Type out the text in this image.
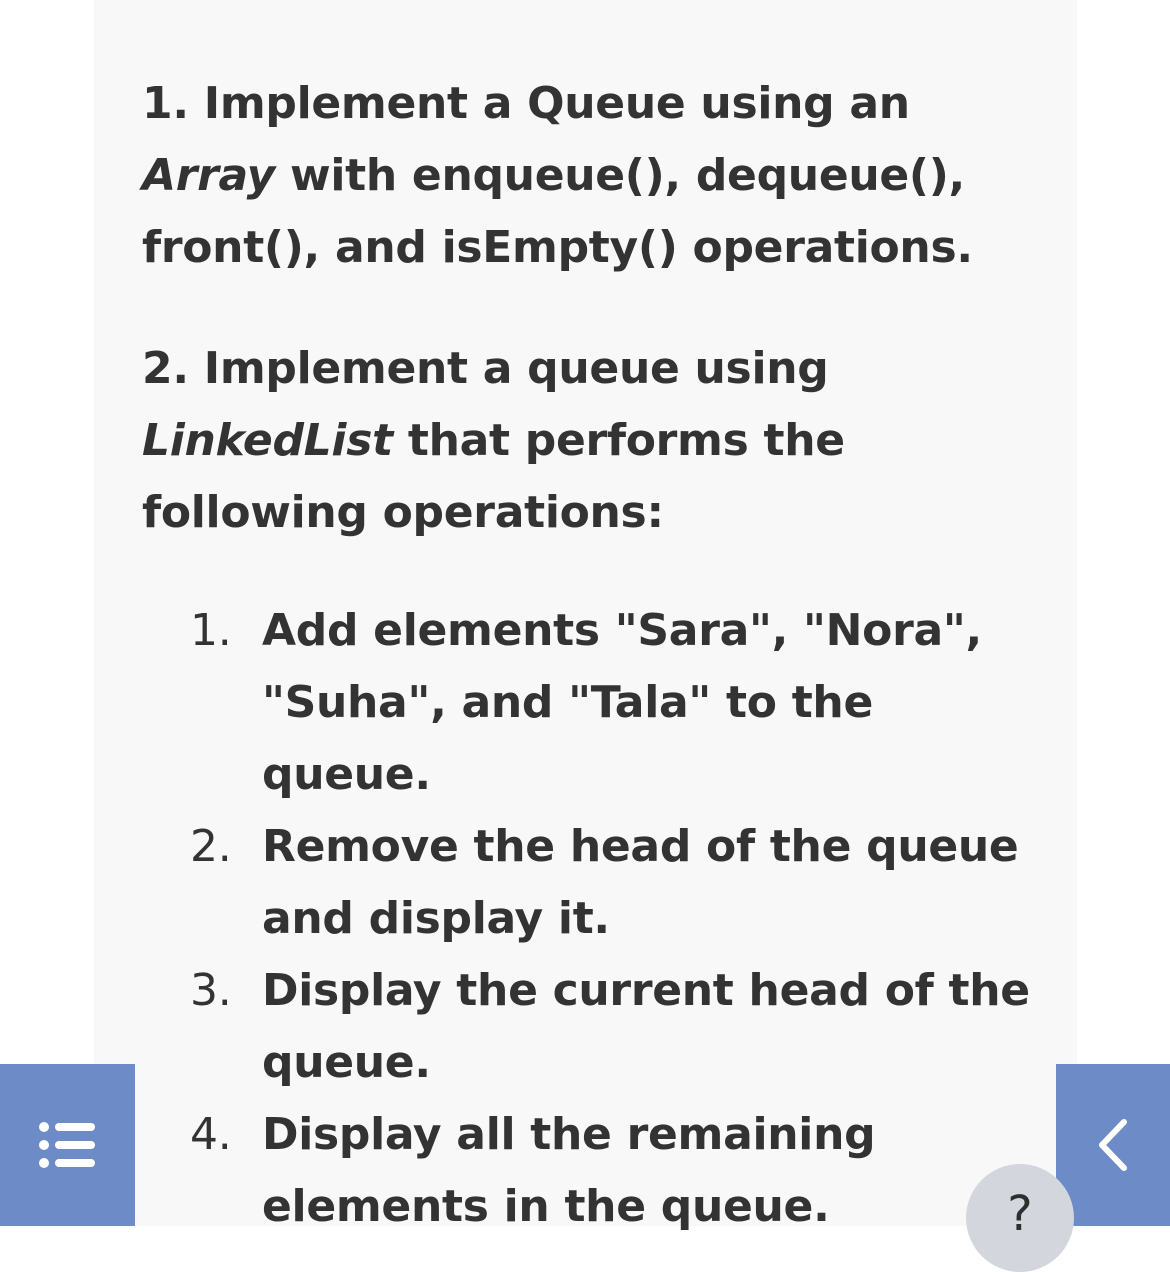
1. Implement a Queue using an Array with enqueue(), dequeue(), front(), and isEmpty() operations.

2. Implement a queue using LinkedList that performs the following operations:

1. Add elements "Sara", "Nora", "Suha", and "Tala" to the queue.
2. Remove the head of the queue and display it.
3. Display the current head of the queue.
4. Display all the remaining elements in the queue.	?
